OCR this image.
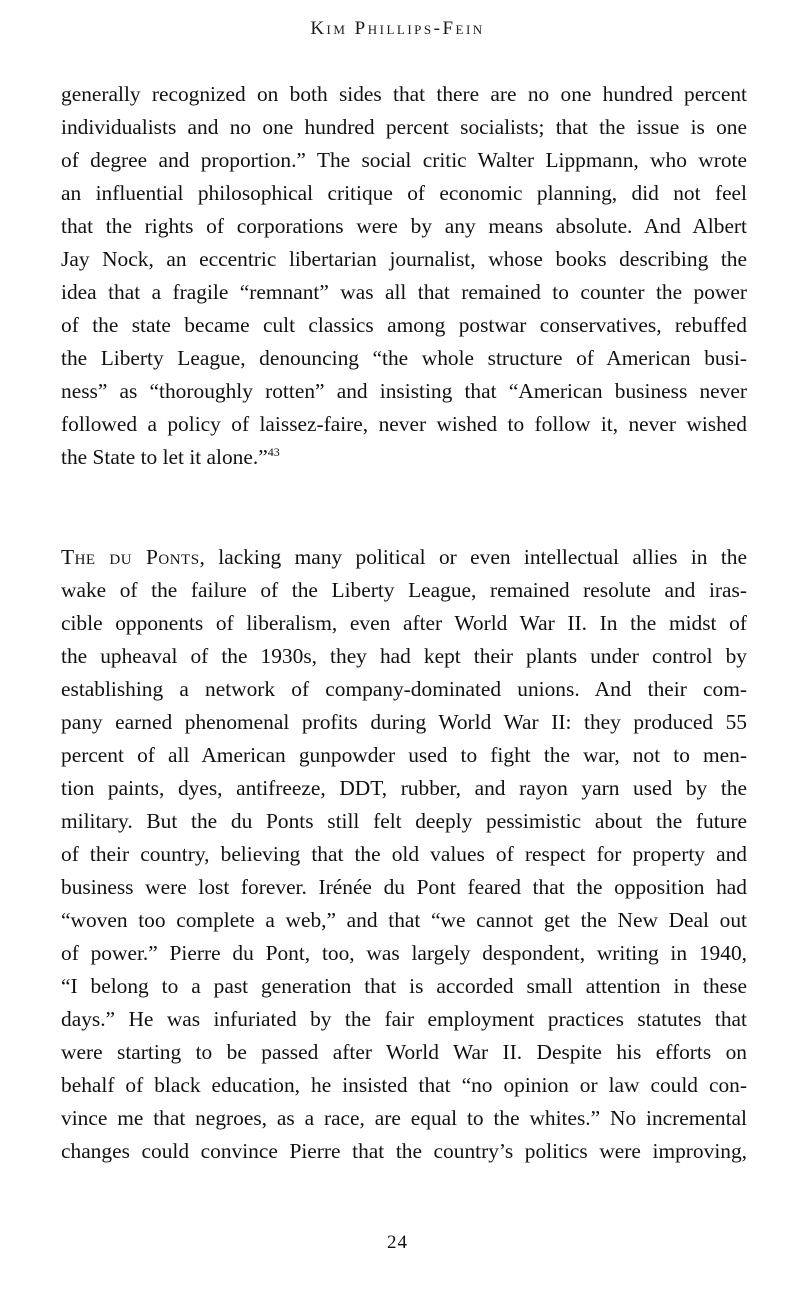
Kim Phillips-Fein
generally recognized on both sides that there are no one hundred percent
individualists and no one hundred percent socialists; that the issue is one
of degree and proportion.” The social critic Walter Lippmann, who wrote
an influential philosophical critique of economic planning, did not feel
that the rights of corporations were by any means absolute. And Albert
Jay Nock, an eccentric libertarian journalist, whose books describing the
idea that a fragile “remnant” was all that remained to counter the power
of the state became cult classics among postwar conservatives, rebuffed
the Liberty League, denouncing “the whole structure of American busi-
ness” as “thoroughly rotten” and insisting that “American business never
followed a policy of laissez-faire, never wished to follow it, never wished
the State to let it alone.”$^{43}$
The du Ponts, lacking many political or even intellectual allies in the
wake of the failure of the Liberty League, remained resolute and iras-
cible opponents of liberalism, even after World War II. In the midst of
the upheaval of the 1930s, they had kept their plants under control by
establishing a network of company-dominated unions. And their com-
pany earned phenomenal profits during World War II: they produced 55
percent of all American gunpowder used to fight the war, not to men-
tion paints, dyes, antifreeze, DDT, rubber, and rayon yarn used by the
military. But the du Ponts still felt deeply pessimistic about the future
of their country, believing that the old values of respect for property and
business were lost forever. Irénée du Pont feared that the opposition had
“woven too complete a web,” and that “we cannot get the New Deal out
of power.” Pierre du Pont, too, was largely despondent, writing in 1940,
“I belong to a past generation that is accorded small attention in these
days.” He was infuriated by the fair employment practices statutes that
were starting to be passed after World War II. Despite his efforts on
behalf of black education, he insisted that “no opinion or law could con-
vince me that negroes, as a race, are equal to the whites.” No incremental
changes could convince Pierre that the country’s politics were improving,
24
